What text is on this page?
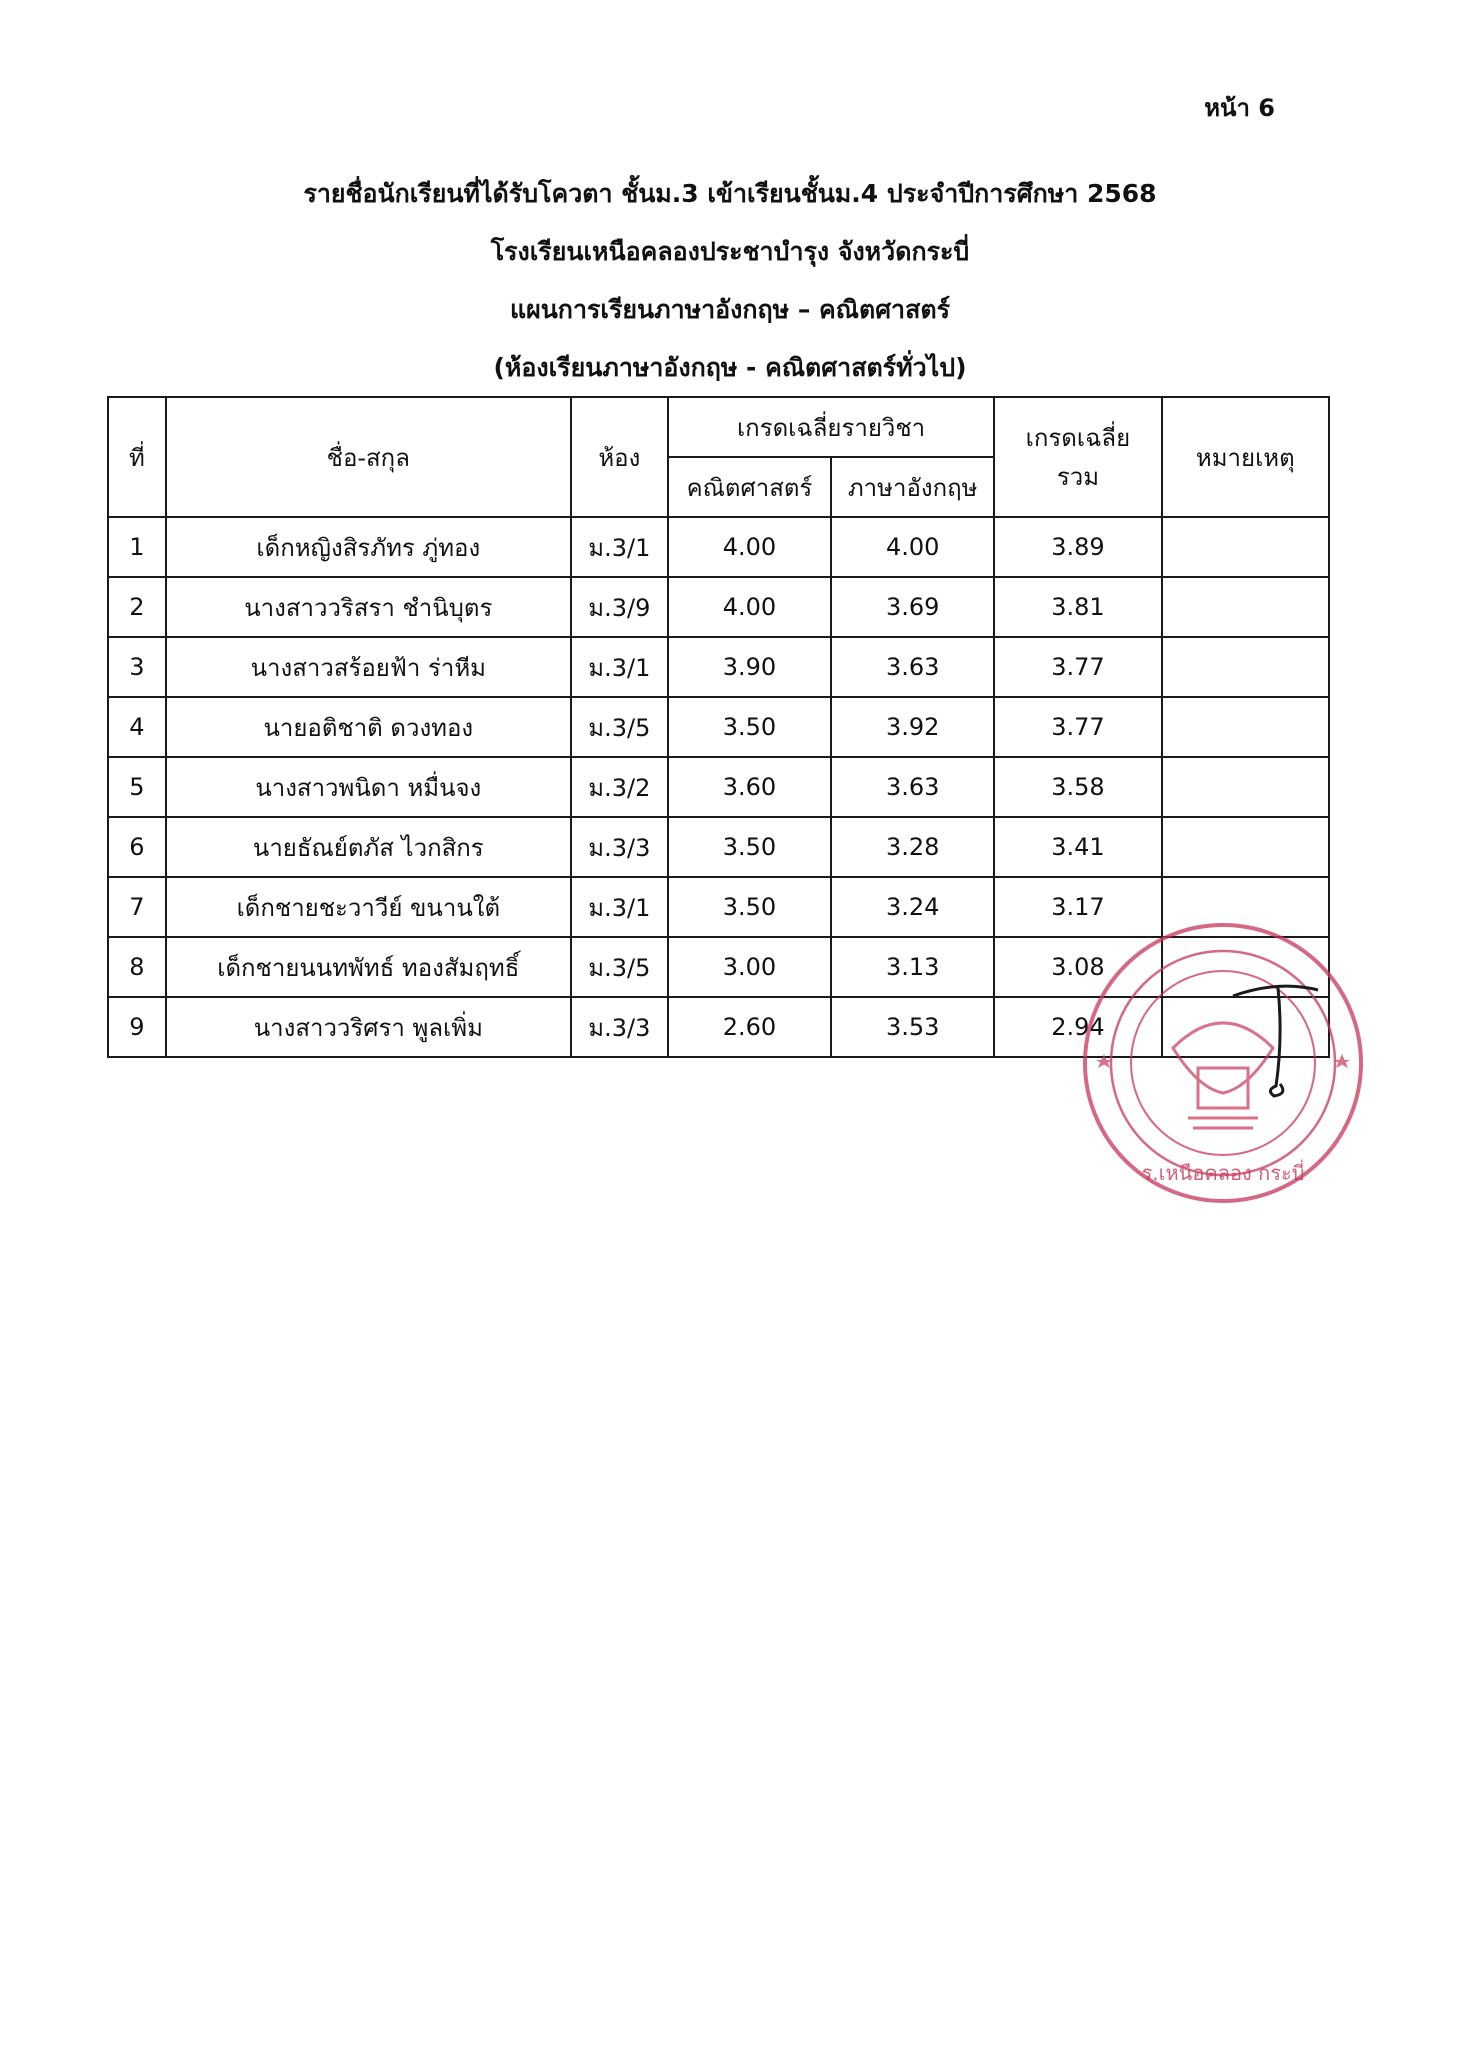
หน้า 6
รายชื่อนักเรียนที่ได้รับโควตา ชั้นม.3 เข้าเรียนชั้นม.4 ประจำปีการศึกษา 2568
โรงเรียนเหนือคลองประชาบำรุง จังหวัดกระบี่
แผนการเรียนภาษาอังกฤษ – คณิตศาสตร์
(ห้องเรียนภาษาอังกฤษ - คณิตศาสตร์ทั่วไป)
ที่	ชื่อ-สกุล	ห้อง	เกรดเฉลี่ยรายวิชา		เกรดเฉลี่ยรวม	หมายเหตุ
			คณิตศาสตร์	ภาษาอังกฤษ		
1	เด็กหญิงสิรภัทร ภู่ทอง	ม.3/1	4.00	4.00	3.89	
2	นางสาววริสรา ชำนิบุตร	ม.3/9	4.00	3.69	3.81	
3	นางสาวสร้อยฟ้า ร่าหีม	ม.3/1	3.90	3.63	3.77	
4	นายอติชาติ ดวงทอง	ม.3/5	3.50	3.92	3.77	
5	นางสาวพนิดา หมื่นจง	ม.3/2	3.60	3.63	3.58	
6	นายธัณย์ตภัส ไวกสิกร	ม.3/3	3.50	3.28	3.41	
7	เด็กชายชะวาวีย์ ขนานใต้	ม.3/1	3.50	3.24	3.17	
8	เด็กชายนนทพัทธ์ ทองสัมฤทธิ์	ม.3/5	3.00	3.13	3.08	
9	นางสาววริศรา พูลเพิ่ม	ม.3/3	2.60	3.53	2.94	
ร.เหนือคลอง กระบี่
